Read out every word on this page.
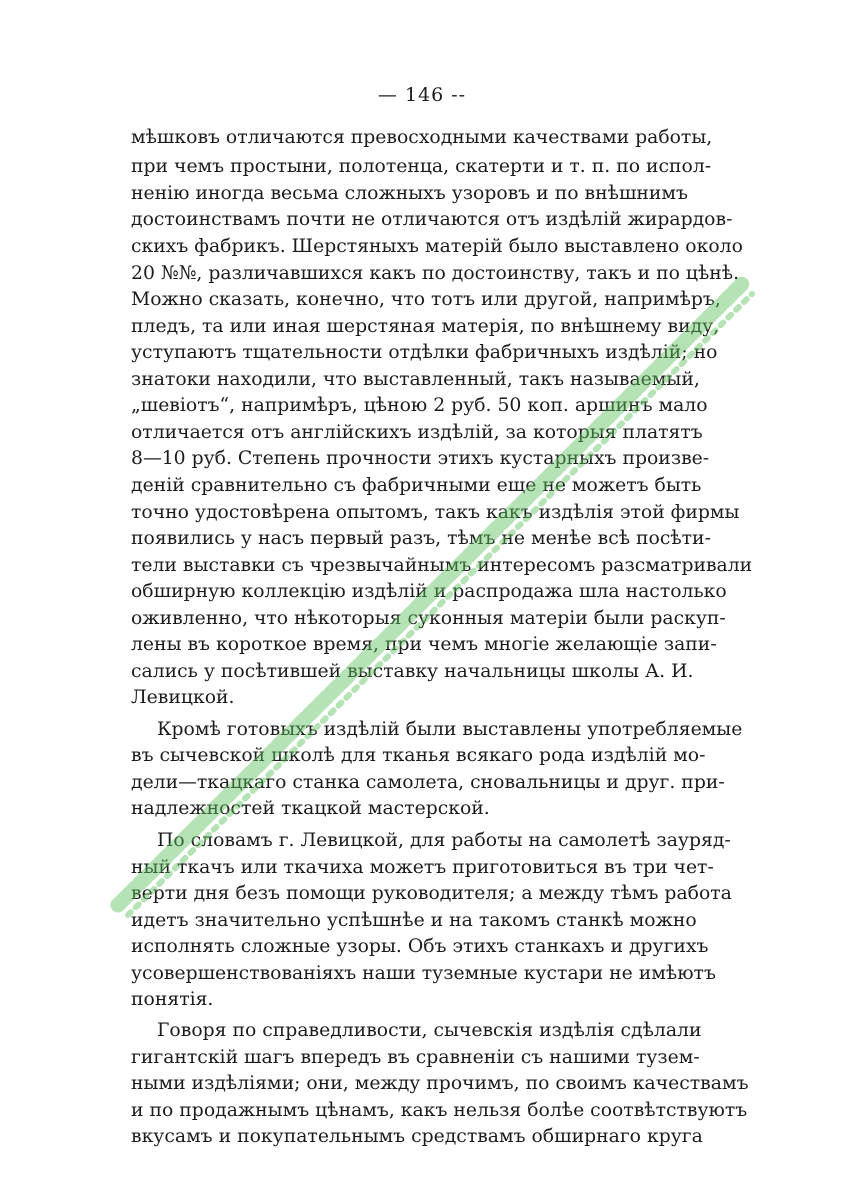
— 146 --
мѣшковъ отличаются превосходными качествами работы,
при чемъ простыни, полотенца, скатерти и т. п. по испол-
ненію иногда весьма сложныхъ узоровъ и по внѣшнимъ
достоинствамъ почти не отличаются отъ издѣлій жирардов-
скихъ фабрикъ. Шерстяныхъ матерій было выставлено около
20 №№, различавшихся какъ по достоинству, такъ и по цѣнѣ.
Можно сказать, конечно, что тотъ или другой, напримѣръ,
пледъ, та или иная шерстяная матерія, по внѣшнему виду,
уступаютъ тщательности отдѣлки фабричныхъ издѣлій; но
знатоки находили, что выставленный, такъ называемый,
„шевіотъ“, напримѣръ, цѣною 2 руб. 50 коп. аршинъ мало
отличается отъ англійскихъ издѣлій, за которыя платятъ
8—10 руб. Степень прочности этихъ кустарныхъ произве-
деній сравнительно съ фабричными еще не можетъ быть
точно удостовѣрена опытомъ, такъ какъ издѣлія этой фирмы
появились у насъ первый разъ, тѣмъ не менѣе всѣ посѣти-
тели выставки съ чрезвычайнымъ интересомъ разсматривали
обширную коллекцію издѣлій и распродажа шла настолько
оживленно, что нѣкоторыя суконныя матеріи были раскуп-
лены въ короткое время, при чемъ многіе желающіе запи-
сались у посѣтившей выставку начальницы школы А. И.
Левицкой.
Кромѣ готовыхъ издѣлій были выставлены употребляемые
въ сычевской школѣ для тканья всякаго рода издѣлій мо-
дели—ткацкаго станка самолета, сновальницы и друг. при-
надлежностей ткацкой мастерской.
По словамъ г. Левицкой, для работы на самолетѣ зауряд-
ный ткачъ или ткачиха можетъ приготовиться въ три чет-
верти дня безъ помощи руководителя; а между тѣмъ работа
идетъ значительно успѣшнѣе и на такомъ станкѣ можно
исполнять сложные узоры. Объ этихъ станкахъ и другихъ
усовершенствованіяхъ наши туземные кустари не имѣютъ
понятія.
Говоря по справедливости, сычевскія издѣлія сдѣлали
гигантскій шагъ впередъ въ сравненіи съ нашими тузем-
ными издѣліями; они, между прочимъ, по своимъ качествамъ
и по продажнымъ цѣнамъ, какъ нельзя болѣе соотвѣтствуютъ
вкусамъ и покупательнымъ средствамъ обширнаго круга
